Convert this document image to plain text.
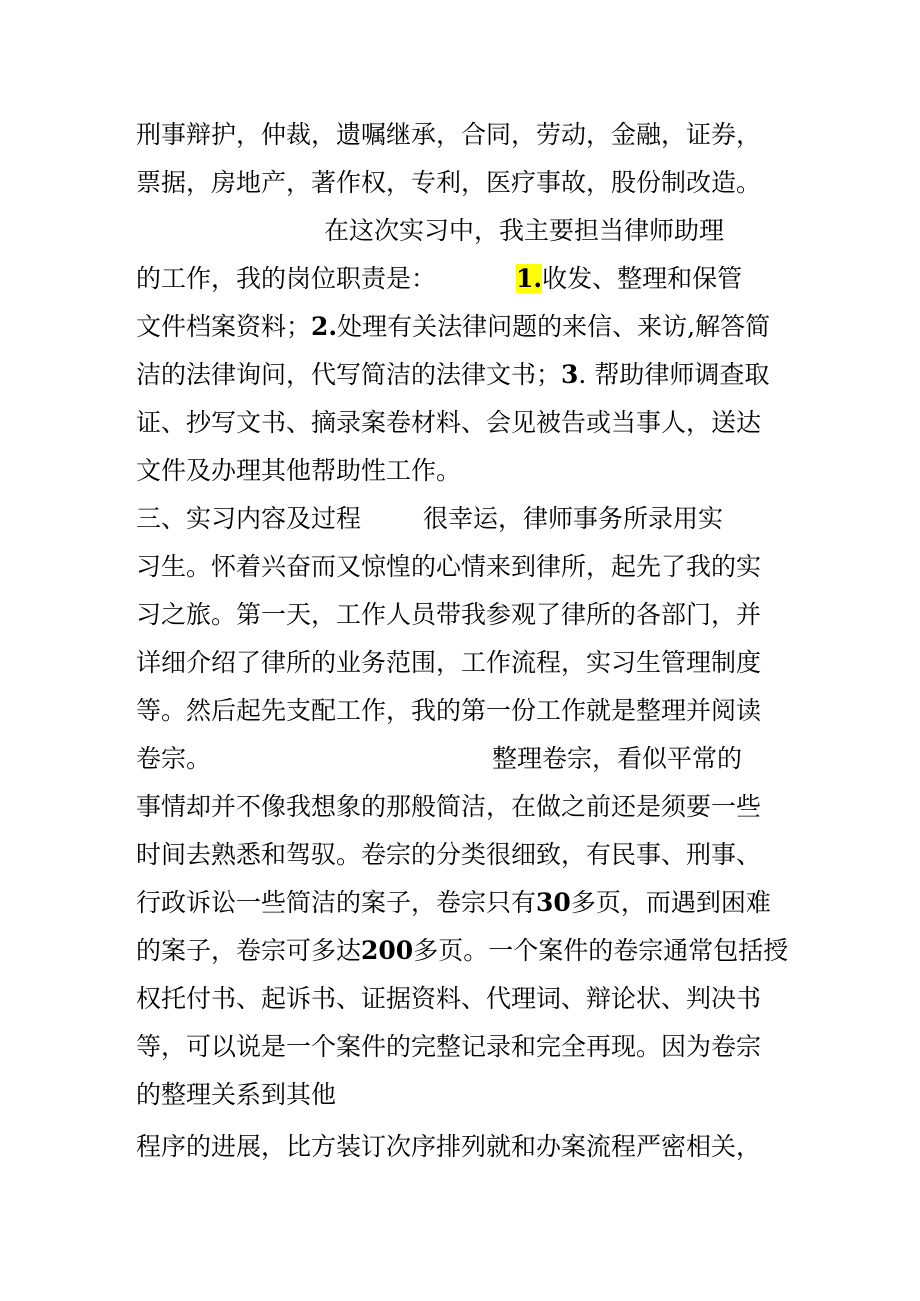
刑事辩护，仲裁，遗嘱继承，合同，劳动，金融，证券，
票据，房地产，著作权，专利，医疗事故，股份制改造。
在这次实习中，我主要担当律师助理
的工作，我的岗位职责是：	1.收发、整理和保管
文件档案资料；2.处理有关法律问题的来信、来访,解答简
洁的法律询问，代写简洁的法律文书；3. 帮助律师调查取
证、抄写文书、摘录案卷材料、会见被告或当事人，送达
文件及办理其他帮助性工作。
三、实习内容及过程 很幸运，律师事务所录用实
习生。怀着兴奋而又惊惶的心情来到律所，起先了我的实
习之旅。第一天，工作人员带我参观了律所的各部门，并
详细介绍了律所的业务范围，工作流程，实习生管理制度
等。然后起先支配工作，我的第一份工作就是整理并阅读
卷宗。	整理卷宗，看似平常的
事情却并不像我想象的那般简洁，在做之前还是须要一些
时间去熟悉和驾驭。卷宗的分类很细致，有民事、刑事、
行政诉讼一些简洁的案子，卷宗只有30多页，而遇到困难
的案子，卷宗可多达200多页。一个案件的卷宗通常包括授
权托付书、起诉书、证据资料、代理词、辩论状、判决书
等，可以说是一个案件的完整记录和完全再现。因为卷宗
的整理关系到其他
程序的进展，比方装订次序排列就和办案流程严密相关，
